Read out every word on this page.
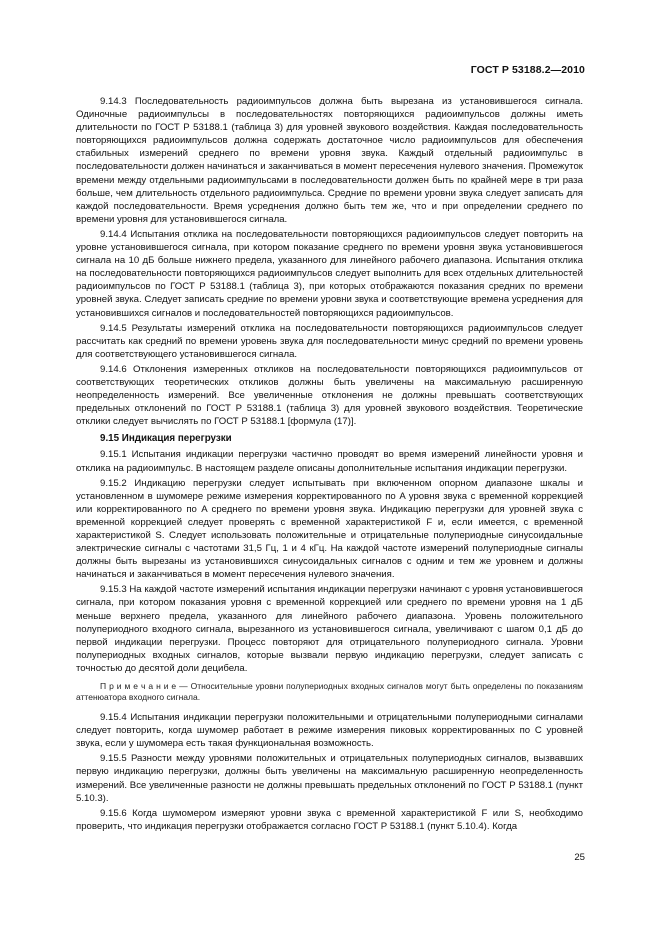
ГОСТ Р 53188.2—2010

9.14.3 Последовательность радиоимпульсов должна быть вырезана из установившегося сигнала. Одиночные радиоимпульсы в последовательностях повторяющихся радиоимпульсов должны иметь длительности по ГОСТ Р 53188.1 (таблица 3) для уровней звукового воздействия. Каждая последовательность повторяющихся радиоимпульсов должна содержать достаточное число радиоимпульсов для обеспечения стабильных измерений среднего по времени уровня звука. Каждый отдельный радиоимпульс в последовательности должен начинаться и заканчиваться в момент пересечения нулевого значения. Промежуток времени между отдельными радиоимпульсами в последовательности должен быть по крайней мере в три раза больше, чем длительность отдельного радиоимпульса. Средние по времени уровни звука следует записать для каждой последовательности. Время усреднения должно быть тем же, что и при определении среднего по времени уровня для установившегося сигнала.

9.14.4 Испытания отклика на последовательности повторяющихся радиоимпульсов следует повторить на уровне установившегося сигнала, при котором показание среднего по времени уровня звука установившегося сигнала на 10 дБ больше нижнего предела, указанного для линейного рабочего диапазона. Испытания отклика на последовательности повторяющихся радиоимпульсов следует выполнить для всех отдельных длительностей радиоимпульсов по ГОСТ Р 53188.1 (таблица 3), при которых отображаются показания средних по времени уровней звука. Следует записать средние по времени уровни звука и соответствующие времена усреднения для установившихся сигналов и последовательностей повторяющихся радиоимпульсов.

9.14.5 Результаты измерений отклика на последовательности повторяющихся радиоимпульсов следует рассчитать как средний по времени уровень звука для последовательности минус средний по времени уровень для соответствующего установившегося сигнала.

9.14.6 Отклонения измеренных откликов на последовательности повторяющихся радиоимпульсов от соответствующих теоретических откликов должны быть увеличены на максимальную расширенную неопределенность измерений. Все увеличенные отклонения не должны превышать соответствующих предельных отклонений по ГОСТ Р 53188.1 (таблица 3) для уровней звукового воздействия. Теоретические отклики следует вычислять по ГОСТ Р 53188.1 [формула (17)].

9.15 Индикация перегрузки

9.15.1 Испытания индикации перегрузки частично проводят во время измерений линейности уровня и отклика на радиоимпульс. В настоящем разделе описаны дополнительные испытания индикации перегрузки.

9.15.2 Индикацию перегрузки следует испытывать при включенном опорном диапазоне шкалы и установленном в шумомере режиме измерения корректированного по A уровня звука с временной коррекцией или корректированного по A среднего по времени уровня звука. Индикацию перегрузки для уровней звука с временной коррекцией следует проверять с временной характеристикой F и, если имеется, с временной характеристикой S. Следует использовать положительные и отрицательные полупериодные синусоидальные электрические сигналы с частотами 31,5 Гц, 1 и 4 кГц. На каждой частоте измерений полупериодные сигналы должны быть вырезаны из установившихся синусоидальных сигналов с одним и тем же уровнем и должны начинаться и заканчиваться в момент пересечения нулевого значения.

9.15.3 На каждой частоте измерений испытания индикации перегрузки начинают с уровня установившегося сигнала, при котором показания уровня с временной коррекцией или среднего по времени уровня на 1 дБ меньше верхнего предела, указанного для линейного рабочего диапазона. Уровень положительного полупериодного входного сигнала, вырезанного из установившегося сигнала, увеличивают с шагом 0,1 дБ до первой индикации перегрузки. Процесс повторяют для отрицательного полупериодного сигнала. Уровни полупериодных входных сигналов, которые вызвали первую индикацию перегрузки, следует записать с точностью до десятой доли децибела.

П р и м е ч а н и е — Относительные уровни полупериодных входных сигналов могут быть определены по показаниям аттенюатора входного сигнала.

9.15.4 Испытания индикации перегрузки положительными и отрицательными полупериодными сигналами следует повторить, когда шумомер работает в режиме измерения пиковых корректированных по C уровней звука, если у шумомера есть такая функциональная возможность.

9.15.5 Разности между уровнями положительных и отрицательных полупериодных сигналов, вызвавших первую индикацию перегрузки, должны быть увеличены на максимальную расширенную неопределенность измерений. Все увеличенные разности не должны превышать предельных отклонений по ГОСТ Р 53188.1 (пункт 5.10.3).

9.15.6 Когда шумомером измеряют уровни звука с временной характеристикой F или S, необходимо проверить, что индикация перегрузки отображается согласно ГОСТ Р 53188.1 (пункт 5.10.4). Когда

25
